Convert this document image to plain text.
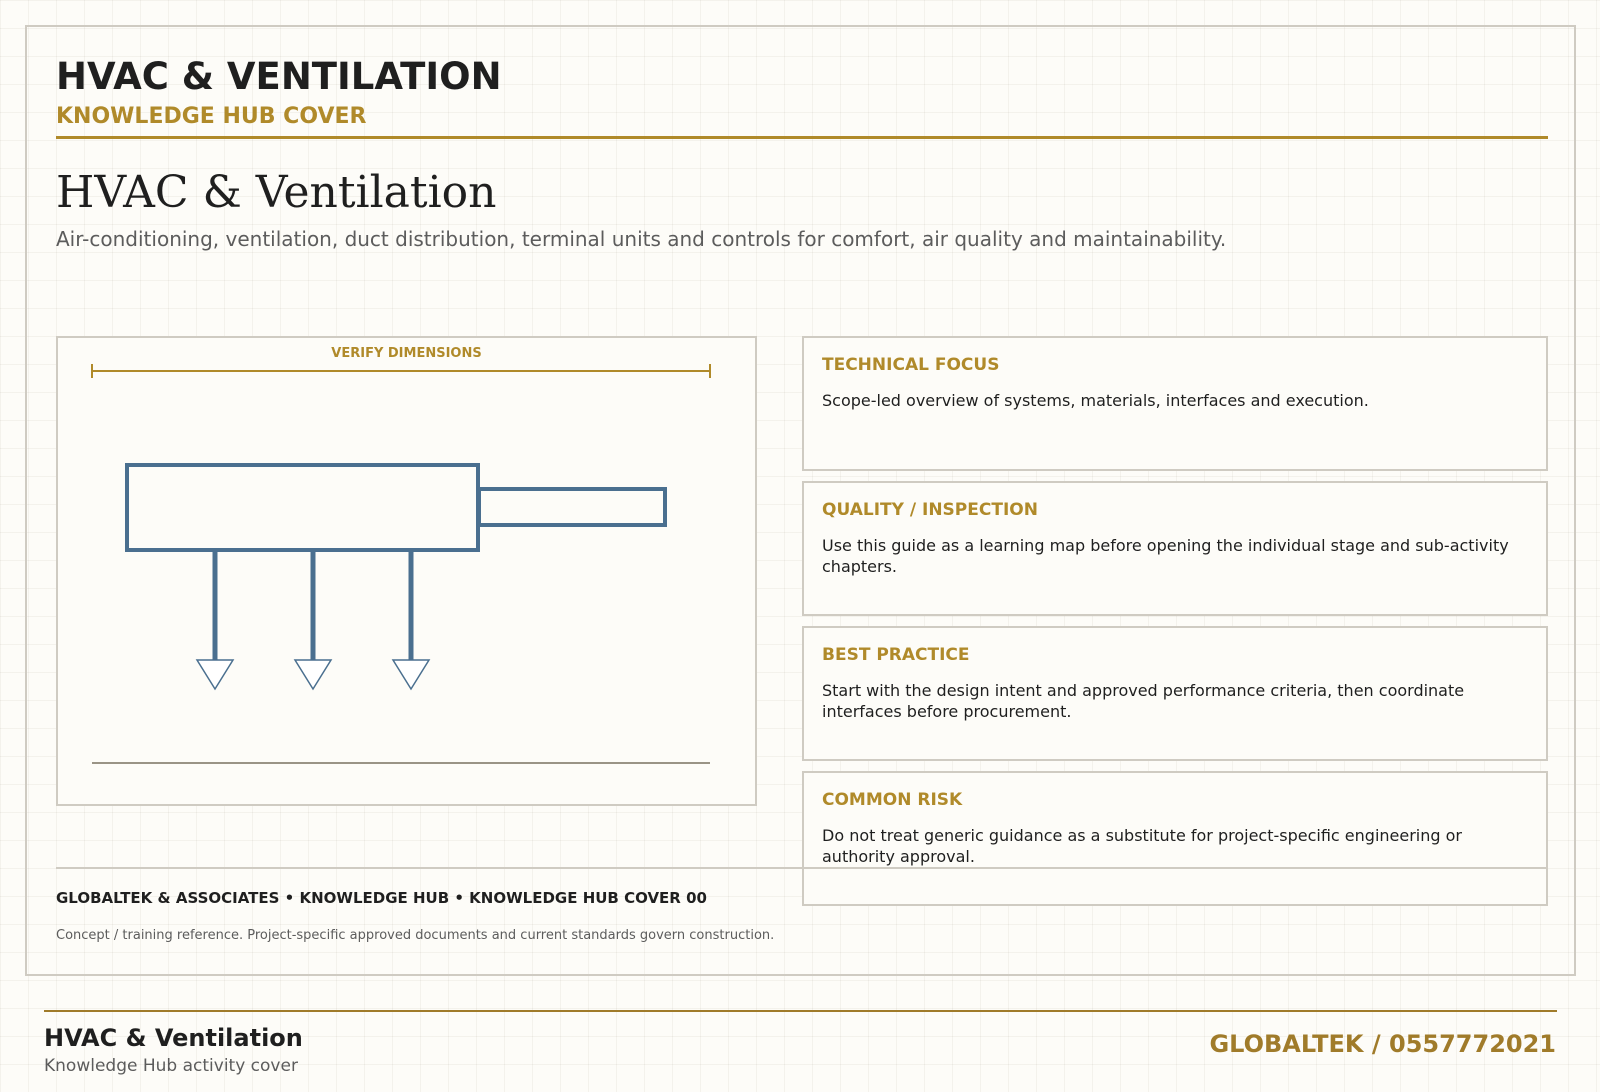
HVAC & VENTILATION
KNOWLEDGE HUB COVER
HVAC & Ventilation
Air-conditioning, ventilation, duct distribution, terminal units and controls for comfort, air quality and maintainability.
VERIFY DIMENSIONS
TECHNICAL FOCUS
Scope-led overview of systems, materials, interfaces and execution.
QUALITY / INSPECTION
Use this guide as a learning map before opening the individual stage and sub-activity chapters.
BEST PRACTICE
Start with the design intent and approved performance criteria, then coordinate interfaces before procurement.
COMMON RISK
Do not treat generic guidance as a substitute for project-specific engineering or authority approval.
GLOBALTEK & ASSOCIATES • KNOWLEDGE HUB • KNOWLEDGE HUB COVER 00
Concept / training reference. Project-specific approved documents and current standards govern construction.
HVAC & Ventilation
Knowledge Hub activity cover
GLOBALTEK / 0557772021
